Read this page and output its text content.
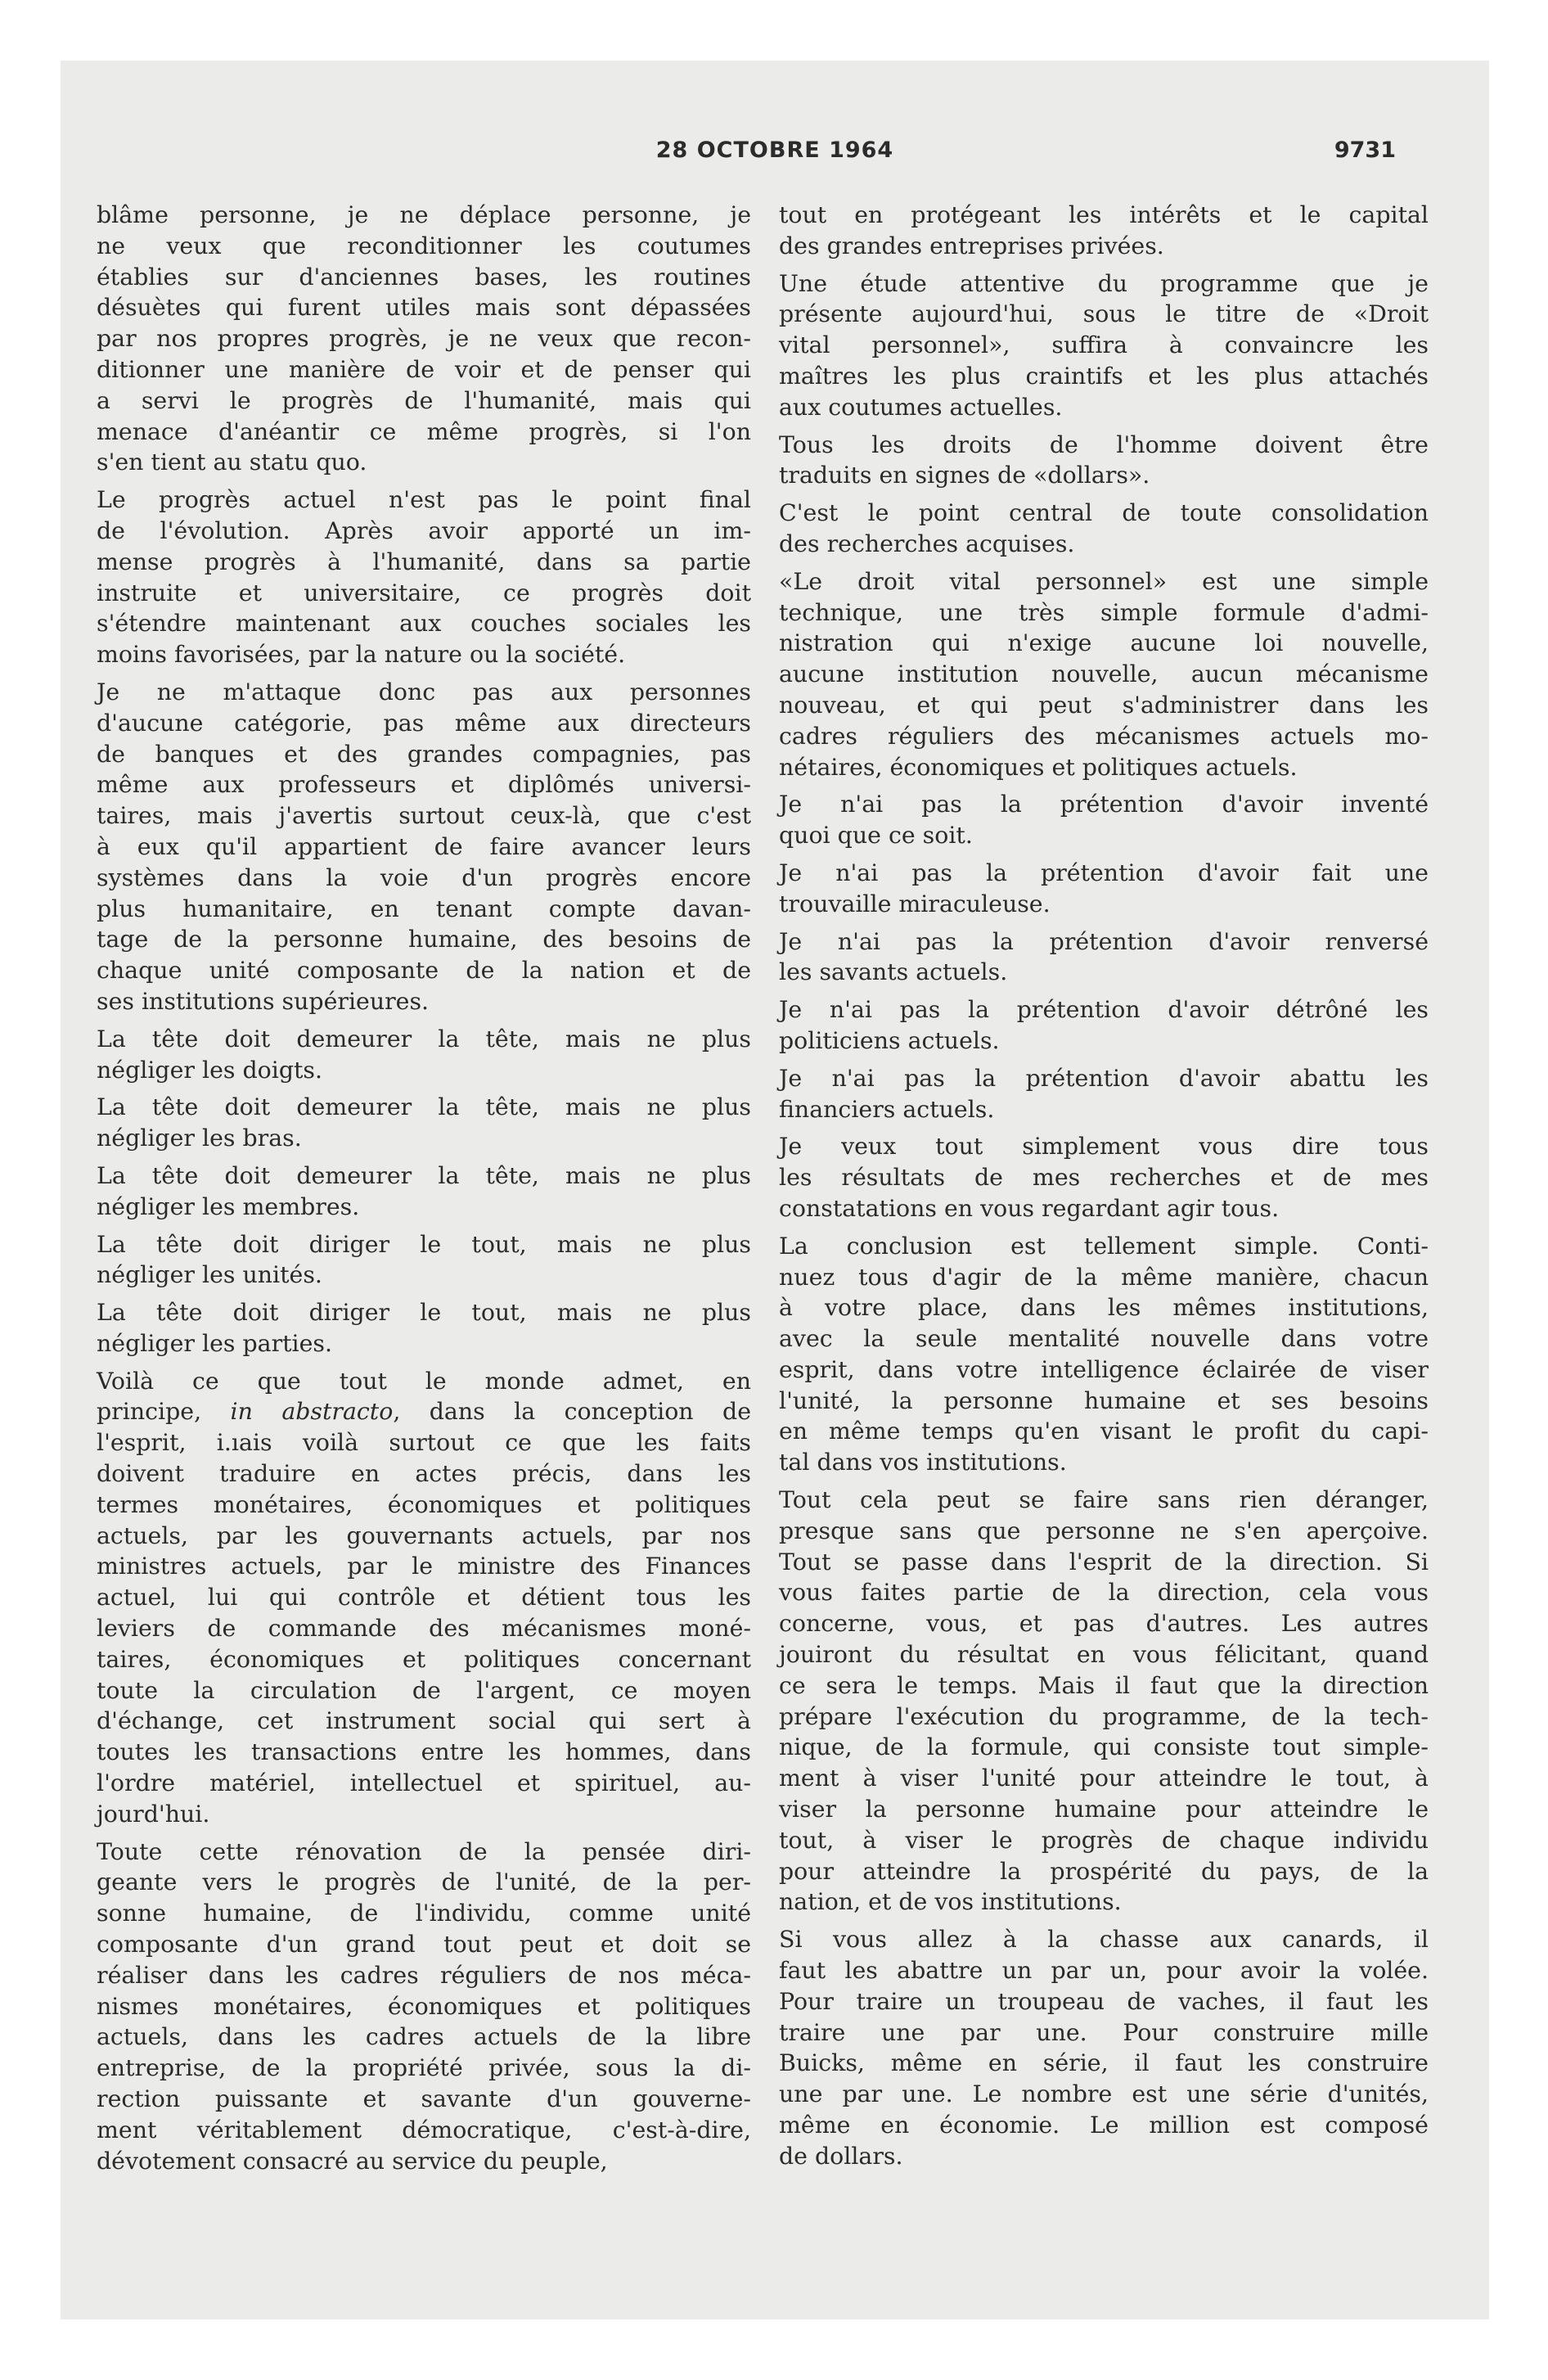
28 OCTOBRE 1964	9731
blâme personne, je ne déplace personne, je
ne veux que reconditionner les coutumes
établies sur d'anciennes bases, les routines
désuètes qui furent utiles mais sont dépassées
par nos propres progrès, je ne veux que recon-
ditionner une manière de voir et de penser qui
a servi le progrès de l'humanité, mais qui
menace d'anéantir ce même progrès, si l'on
s'en tient au statu quo.
Le progrès actuel n'est pas le point final
de l'évolution. Après avoir apporté un im-
mense progrès à l'humanité, dans sa partie
instruite et universitaire, ce progrès doit
s'étendre maintenant aux couches sociales les
moins favorisées, par la nature ou la société.
Je ne m'attaque donc pas aux personnes
d'aucune catégorie, pas même aux directeurs
de banques et des grandes compagnies, pas
même aux professeurs et diplômés universi-
taires, mais j'avertis surtout ceux-là, que c'est
à eux qu'il appartient de faire avancer leurs
systèmes dans la voie d'un progrès encore
plus humanitaire, en tenant compte davan-
tage de la personne humaine, des besoins de
chaque unité composante de la nation et de
ses institutions supérieures.
La tête doit demeurer la tête, mais ne plus
négliger les doigts.
La tête doit demeurer la tête, mais ne plus
négliger les bras.
La tête doit demeurer la tête, mais ne plus
négliger les membres.
La tête doit diriger le tout, mais ne plus
négliger les unités.
La tête doit diriger le tout, mais ne plus
négliger les parties.
Voilà ce que tout le monde admet, en
principe, in abstracto, dans la conception de
l'esprit, i.ıais voilà surtout ce que les faits
doivent traduire en actes précis, dans les
termes monétaires, économiques et politiques
actuels, par les gouvernants actuels, par nos
ministres actuels, par le ministre des Finances
actuel, lui qui contrôle et détient tous les
leviers de commande des mécanismes moné-
taires, économiques et politiques concernant
toute la circulation de l'argent, ce moyen
d'échange, cet instrument social qui sert à
toutes les transactions entre les hommes, dans
l'ordre matériel, intellectuel et spirituel, au-
jourd'hui.
Toute cette rénovation de la pensée diri-
geante vers le progrès de l'unité, de la per-
sonne humaine, de l'individu, comme unité
composante d'un grand tout peut et doit se
réaliser dans les cadres réguliers de nos méca-
nismes monétaires, économiques et politiques
actuels, dans les cadres actuels de la libre
entreprise, de la propriété privée, sous la di-
rection puissante et savante d'un gouverne-
ment véritablement démocratique, c'est-à-dire,
dévotement consacré au service du peuple,
tout en protégeant les intérêts et le capital
des grandes entreprises privées.
Une étude attentive du programme que je
présente aujourd'hui, sous le titre de «Droit
vital personnel», suffira à convaincre les
maîtres les plus craintifs et les plus attachés
aux coutumes actuelles.
Tous les droits de l'homme doivent être
traduits en signes de «dollars».
C'est le point central de toute consolidation
des recherches acquises.
«Le droit vital personnel» est une simple
technique, une très simple formule d'admi-
nistration qui n'exige aucune loi nouvelle,
aucune institution nouvelle, aucun mécanisme
nouveau, et qui peut s'administrer dans les
cadres réguliers des mécanismes actuels mo-
nétaires, économiques et politiques actuels.
Je n'ai pas la prétention d'avoir inventé
quoi que ce soit.
Je n'ai pas la prétention d'avoir fait une
trouvaille miraculeuse.
Je n'ai pas la prétention d'avoir renversé
les savants actuels.
Je n'ai pas la prétention d'avoir détrôné les
politiciens actuels.
Je n'ai pas la prétention d'avoir abattu les
financiers actuels.
Je veux tout simplement vous dire tous
les résultats de mes recherches et de mes
constatations en vous regardant agir tous.
La conclusion est tellement simple. Conti-
nuez tous d'agir de la même manière, chacun
à votre place, dans les mêmes institutions,
avec la seule mentalité nouvelle dans votre
esprit, dans votre intelligence éclairée de viser
l'unité, la personne humaine et ses besoins
en même temps qu'en visant le profit du capi-
tal dans vos institutions.
Tout cela peut se faire sans rien déranger,
presque sans que personne ne s'en aperçoive.
Tout se passe dans l'esprit de la direction. Si
vous faites partie de la direction, cela vous
concerne, vous, et pas d'autres. Les autres
jouiront du résultat en vous félicitant, quand
ce sera le temps. Mais il faut que la direction
prépare l'exécution du programme, de la tech-
nique, de la formule, qui consiste tout simple-
ment à viser l'unité pour atteindre le tout, à
viser la personne humaine pour atteindre le
tout, à viser le progrès de chaque individu
pour atteindre la prospérité du pays, de la
nation, et de vos institutions.
Si vous allez à la chasse aux canards, il
faut les abattre un par un, pour avoir la volée.
Pour traire un troupeau de vaches, il faut les
traire une par une. Pour construire mille
Buicks, même en série, il faut les construire
une par une. Le nombre est une série d'unités,
même en économie. Le million est composé
de dollars.
